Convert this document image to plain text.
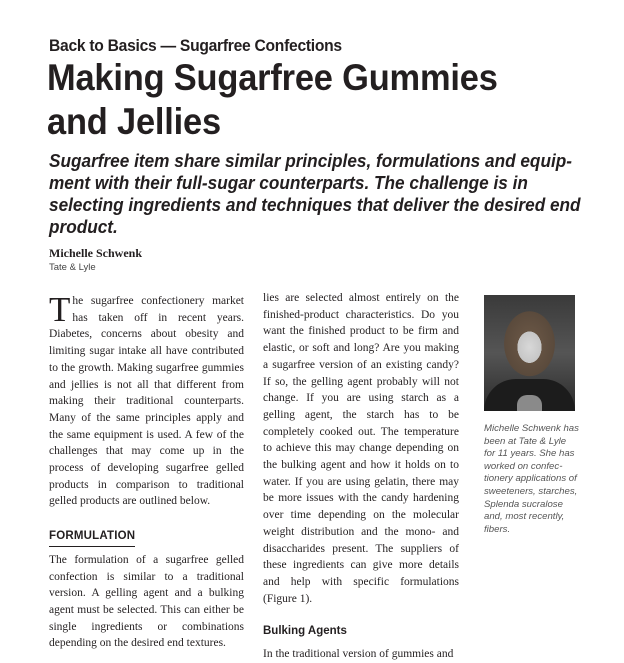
Back to Basics — Sugarfree Confections
Making Sugarfree Gummies
and Jellies
Sugarfree item share similar principles, formulations and equip-
ment with their full-sugar counterparts. The challenge is in
selecting ingredients and techniques that deliver the desired end
product.
Michelle Schwenk
Tate & Lyle

The sugarfree confectionery market has taken off in recent years. Diabetes, concerns about obesity and limiting sugar intake all have contributed to the growth. Making sugarfree gummies and jellies is not all that different from making their traditional counterparts. Many of the same principles apply and the same equipment is used. A few of the challenges that may come up in the process of developing sugarfree gelled products in comparison to traditional gelled products are outlined below.

FORMULATION

The formulation of a sugarfree gelled confection is similar to a traditional version. A gelling agent and a bulking agent must be selected. This can either be single ingredients or combinations depending on the desired end textures.

lies are selected almost entirely on the finished-product characteristics. Do you want the finished product to be firm and elastic, or soft and long? Are you making a sugarfree version of an existing candy? If so, the gelling agent probably will not change. If you are using starch as a gelling agent, the starch has to be completely cooked out. The temperature to achieve this may change depending on the bulking agent and how it holds on to water. If you are using gelatin, there may be more issues with the candy hardening over time depending on the molecular weight distribution and the mono- and disaccharides present. The suppliers of these ingredients can give more details and help with specific formulations (Figure 1).

Bulking Agents

In the traditional version of gummies and

Michelle Schwenk has
been at Tate & Lyle
for 11 years. She has
worked on confec-
tionery applications of
sweeteners, starches,
Splenda sucralose
and, most recently,
fibers.
